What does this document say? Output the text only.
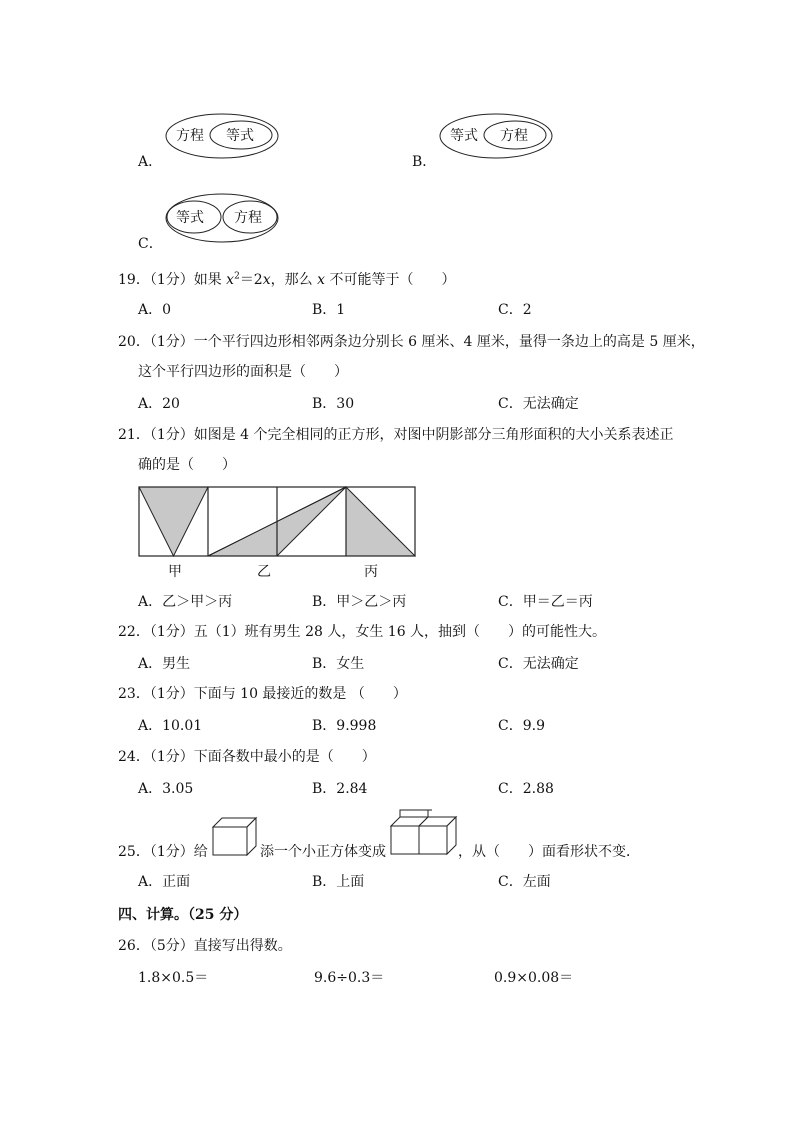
方程 等式
A．
等式 方程
B．
等式 方程
C．
19．（1分）如果 $x^2=2x$，那么 x 不可能等于（　　）
A．0	B．1	C．2
20．（1分）一个平行四边形相邻两条边分别长 6 厘米、4 厘米，量得一条边上的高是 5 厘米，
这个平行四边形的面积是（　　）
A．20	B．30	C．无法确定
21．（1分）如图是 4 个完全相同的正方形，对图中阴影部分三角形面积的大小关系表述正
确的是（　　）
甲	乙	丙
A．乙＞甲＞丙	B．甲＞乙＞丙	C．甲＝乙＝丙
22．（1分）五（1）班有男生 28 人，女生 16 人，抽到（　　）的可能性大。
A．男生	B．女生	C．无法确定
23．（1分）下面与 10 最接近的数是 （　　）
A．10.01	B．9.998	C．9.9
24．（1分）下面各数中最小的是（　　）
A．3.05	B．2.84	C．2.88
25．（1分）给	添一个小正方体变成	，从（　　）面看形状不变．
A．正面	B．上面	C．左面
四、计算。（25 分）
26．（5分）直接写出得数。
1.8×0.5＝	9.6÷0.3＝	0.9×0.08＝
